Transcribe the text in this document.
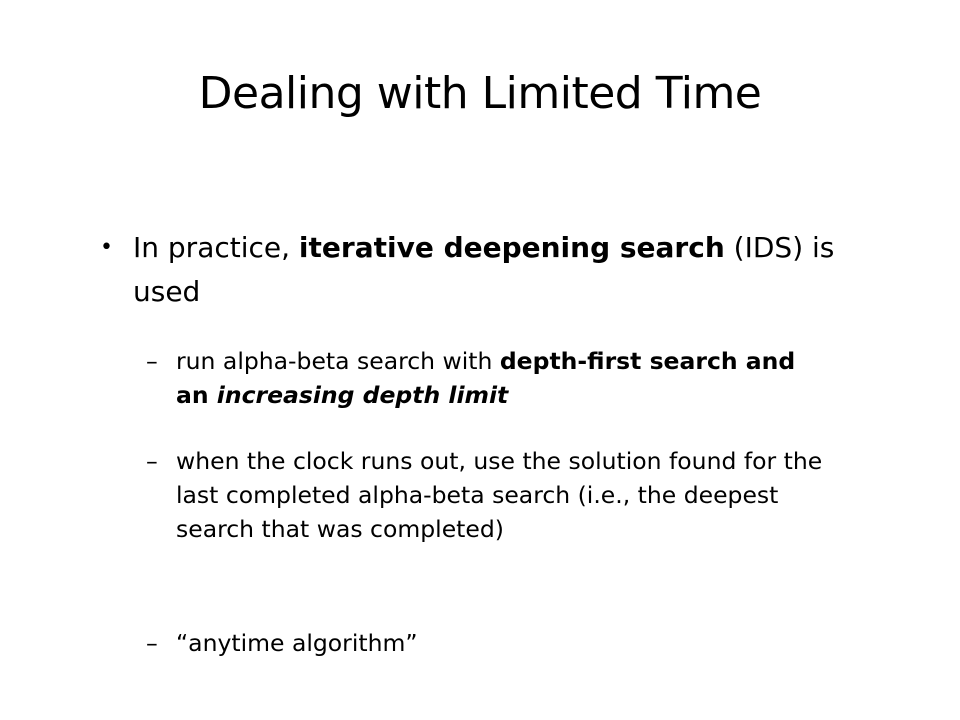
Dealing with Limited Time

• In practice, iterative deepening search (IDS) is used

– run alpha-beta search with depth-first search and an increasing depth limit

– when the clock runs out, use the solution found for the last completed alpha-beta search (i.e., the deepest search that was completed)

– “anytime algorithm”
